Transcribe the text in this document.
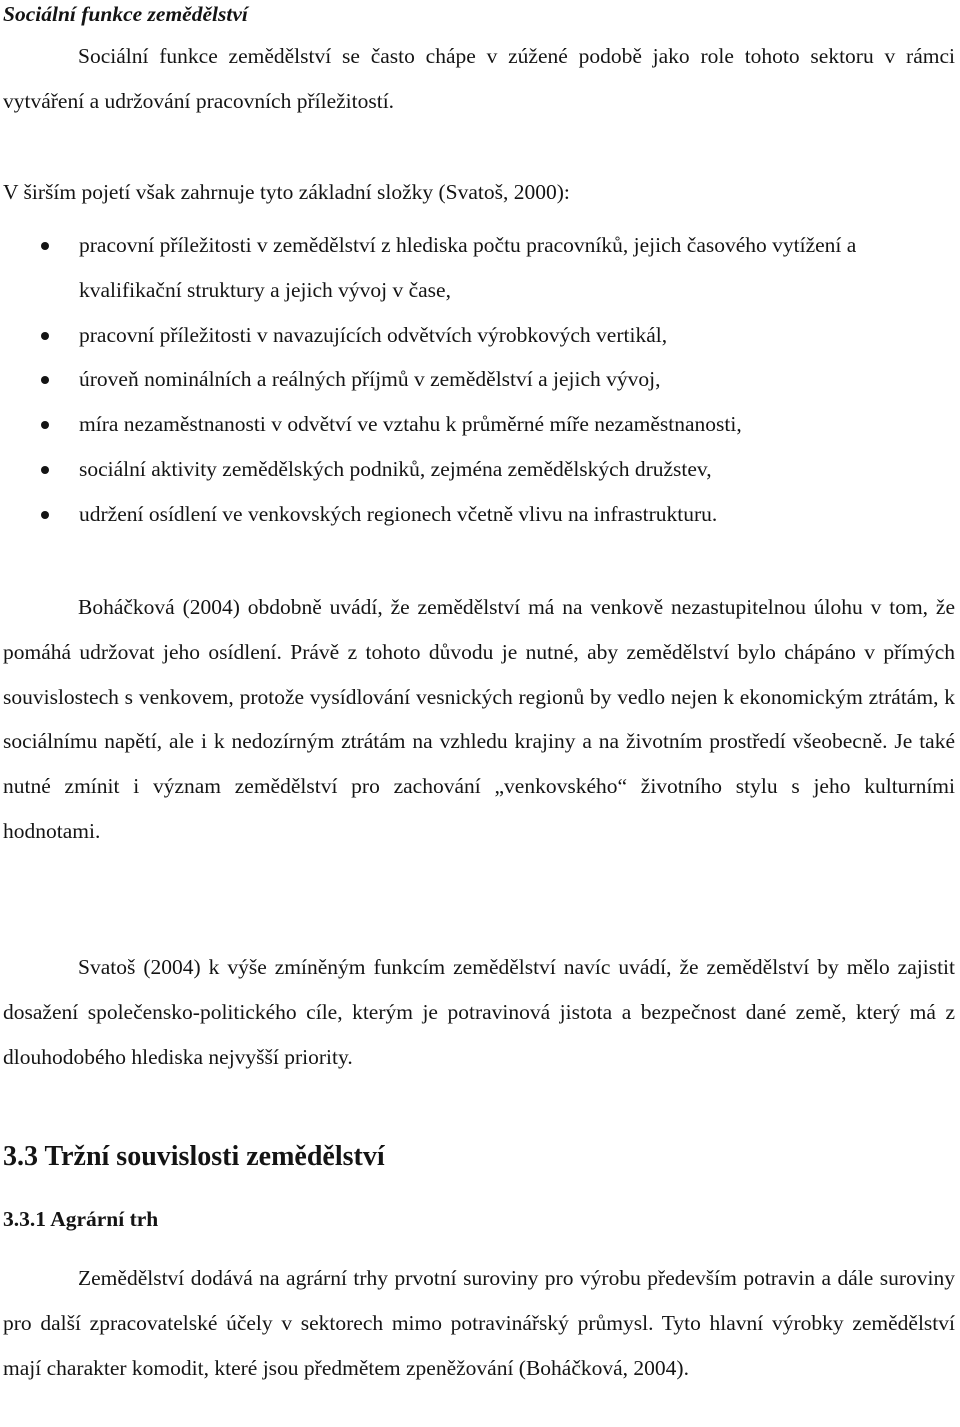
Sociální funkce zemědělství

Sociální funkce zemědělství se často chápe v zúžené podobě jako role tohoto sektoru v rámci vytváření a udržování pracovních příležitostí.

V širším pojetí však zahrnuje tyto základní složky (Svatoš, 2000):

pracovní příležitosti v zemědělství z hlediska počtu pracovníků, jejich časového vytížení a kvalifikační struktury a jejich vývoj v čase,
pracovní příležitosti v navazujících odvětvích výrobkových vertikál,
úroveň nominálních a reálných příjmů v zemědělství a jejich vývoj,
míra nezaměstnanosti v odvětví ve vztahu k průměrné míře nezaměstnanosti,
sociální aktivity zemědělských podniků, zejména zemědělských družstev,
udržení osídlení ve venkovských regionech včetně vlivu na infrastrukturu.

Boháčková (2004) obdobně uvádí, že zemědělství má na venkově nezastupitelnou úlohu v tom, že pomáhá udržovat jeho osídlení. Právě z tohoto důvodu je nutné, aby zemědělství bylo chápáno v přímých souvislostech s venkovem, protože vysídlování vesnických regionů by vedlo nejen k ekonomickým ztrátám, k sociálnímu napětí, ale i k nedozírným ztrátám na vzhledu krajiny a na životním prostředí všeobecně. Je také nutné zmínit i význam zemědělství pro zachování „venkovského“ životního stylu s jeho kulturními hodnotami.

Svatoš (2004) k výše zmíněným funkcím zemědělství navíc uvádí, že zemědělství by mělo zajistit dosažení společensko-politického cíle, kterým je potravinová jistota a bezpečnost dané země, který má z dlouhodobého hlediska nejvyšší priority.

3.3 Tržní souvislosti zemědělství
3.3.1 Agrární trh

Zemědělství dodává na agrární trhy prvotní suroviny pro výrobu především potravin a dále suroviny pro další zpracovatelské účely v sektorech mimo potravinářský průmysl. Tyto hlavní výrobky zemědělství mají charakter komodit, které jsou předmětem zpeněžování (Boháčková, 2004).
